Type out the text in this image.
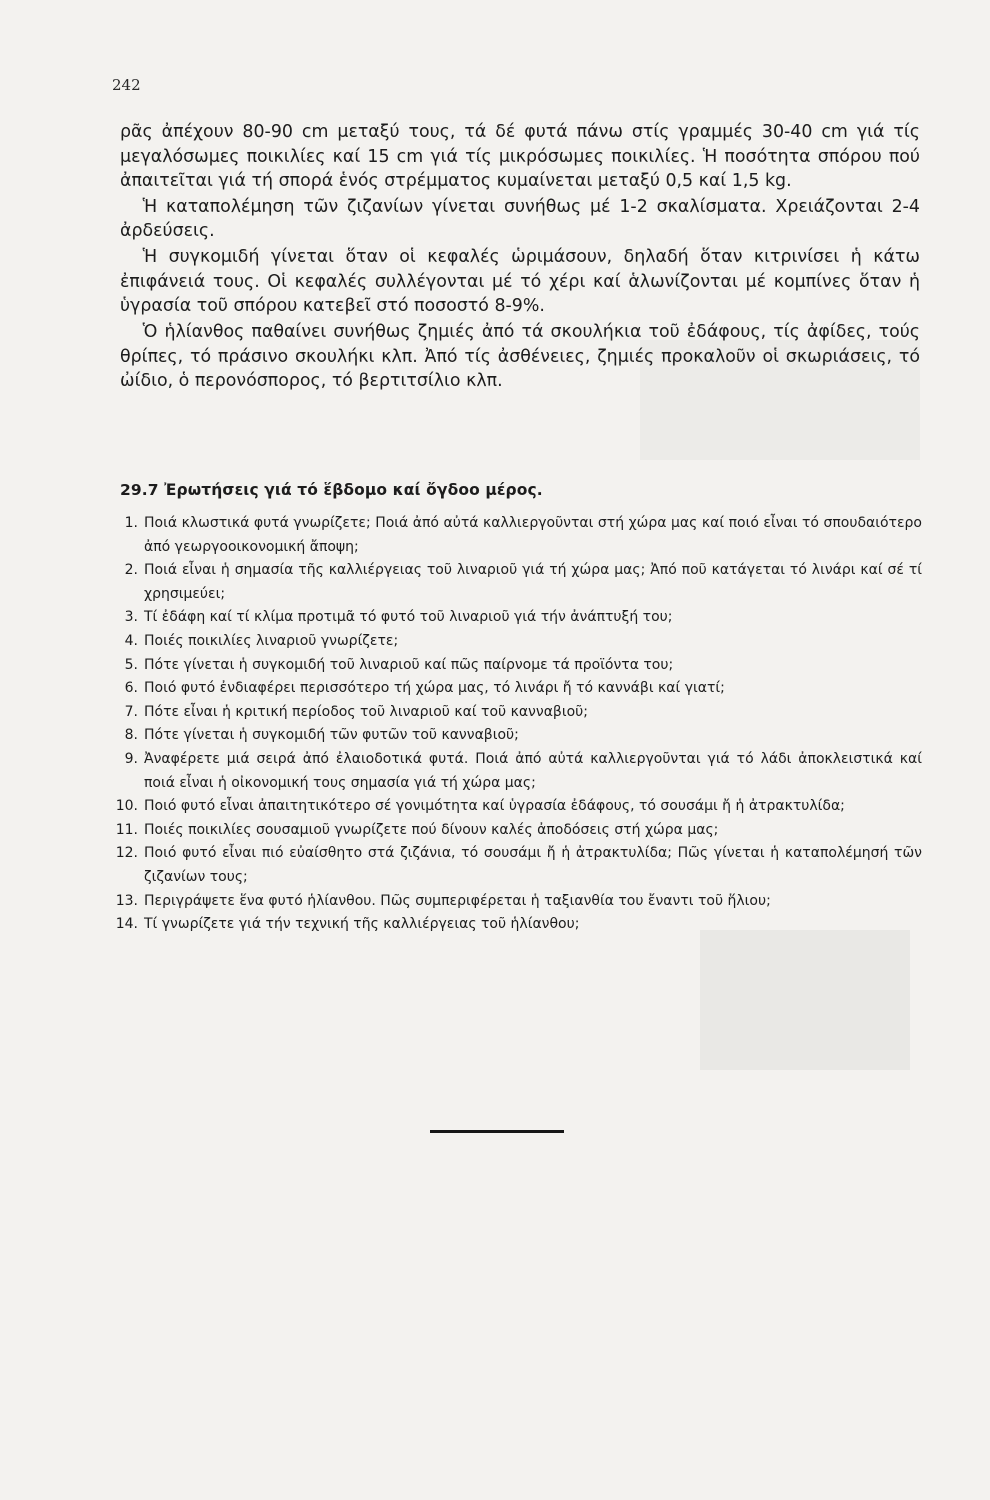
242

ρᾶς ἀπέχουν 80-90 cm μεταξύ τους, τά δέ φυτά πάνω στίς γραμμές 30-40 cm γιά τίς μεγαλόσωμες ποικιλίες καί 15 cm γιά τίς μικρόσωμες ποικιλίες. Ἡ ποσότητα σπόρου πού ἀπαιτεῖται γιά τή σπορά ἑνός στρέμματος κυμαίνεται μεταξύ 0,5 καί 1,5 kg.

Ἡ καταπολέμηση τῶν ζιζανίων γίνεται συνήθως μέ 1-2 σκαλίσματα. Χρειάζονται 2-4 ἀρδεύσεις.

Ἡ συγκομιδή γίνεται ὅταν οἱ κεφαλές ὡριμάσουν, δηλαδή ὅταν κιτρινίσει ἡ κάτω ἐπιφάνειά τους. Οἱ κεφαλές συλλέγονται μέ τό χέρι καί ἁλωνίζονται μέ κομπίνες ὅταν ἡ ὑγρασία τοῦ σπόρου κατεβεῖ στό ποσοστό 8-9%.

Ὁ ἡλίανθος παθαίνει συνήθως ζημιές ἀπό τά σκουλήκια τοῦ ἐδάφους, τίς ἀφίδες, τούς θρίπες, τό πράσινο σκουλήκι κλπ. Ἀπό τίς ἀσθένειες, ζημιές προκαλοῦν οἱ σκωριάσεις, τό ὠίδιο, ὁ περονόσπορος, τό βερτιτσίλιο κλπ.

29.7 Ἐρωτήσεις γιά τό ἕβδομο καί ὄγδοο μέρος.
1. Ποιά κλωστικά φυτά γνωρίζετε; Ποιά ἀπό αὐτά καλλιεργοῦνται στή χώρα μας καί ποιό εἶναι τό σπουδαιότερο ἀπό γεωργοοικονομική ἄποψη;
2. Ποιά εἶναι ἡ σημασία τῆς καλλιέργειας τοῦ λιναριοῦ γιά τή χώρα μας; Ἀπό ποῦ κατάγεται τό λινάρι καί σέ τί χρησιμεύει;
3. Τί ἐδάφη καί τί κλίμα προτιμᾶ τό φυτό τοῦ λιναριοῦ γιά τήν ἀνάπτυξή του;
4. Ποιές ποικιλίες λιναριοῦ γνωρίζετε;
5. Πότε γίνεται ἡ συγκομιδή τοῦ λιναριοῦ καί πῶς παίρνομε τά προϊόντα του;
6. Ποιό φυτό ἐνδιαφέρει περισσότερο τή χώρα μας, τό λινάρι ἤ τό καννάβι καί γιατί;
7. Πότε εἶναι ἡ κριτική περίοδος τοῦ λιναριοῦ καί τοῦ κανναβιοῦ;
8. Πότε γίνεται ἡ συγκομιδή τῶν φυτῶν τοῦ κανναβιοῦ;
9. Ἀναφέρετε μιά σειρά ἀπό ἐλαιοδοτικά φυτά. Ποιά ἀπό αὐτά καλλιεργοῦνται γιά τό λάδι ἀποκλειστικά καί ποιά εἶναι ἡ οἰκονομική τους σημασία γιά τή χώρα μας;
10. Ποιό φυτό εἶναι ἀπαιτητικότερο σέ γονιμότητα καί ὑγρασία ἐδάφους, τό σουσάμι ἤ ἡ ἀτρακτυλίδα;
11. Ποιές ποικιλίες σουσαμιοῦ γνωρίζετε πού δίνουν καλές ἀποδόσεις στή χώρα μας;
12. Ποιό φυτό εἶναι πιό εὐαίσθητο στά ζιζάνια, τό σουσάμι ἤ ἡ ἀτρακτυλίδα; Πῶς γίνεται ἡ καταπολέμησή τῶν ζιζανίων τους;
13. Περιγράψετε ἕνα φυτό ἡλίανθου. Πῶς συμπεριφέρεται ἡ ταξιανθία του ἔναντι τοῦ ἥλιου;
14. Τί γνωρίζετε γιά τήν τεχνική τῆς καλλιέργειας τοῦ ἡλίανθου;
